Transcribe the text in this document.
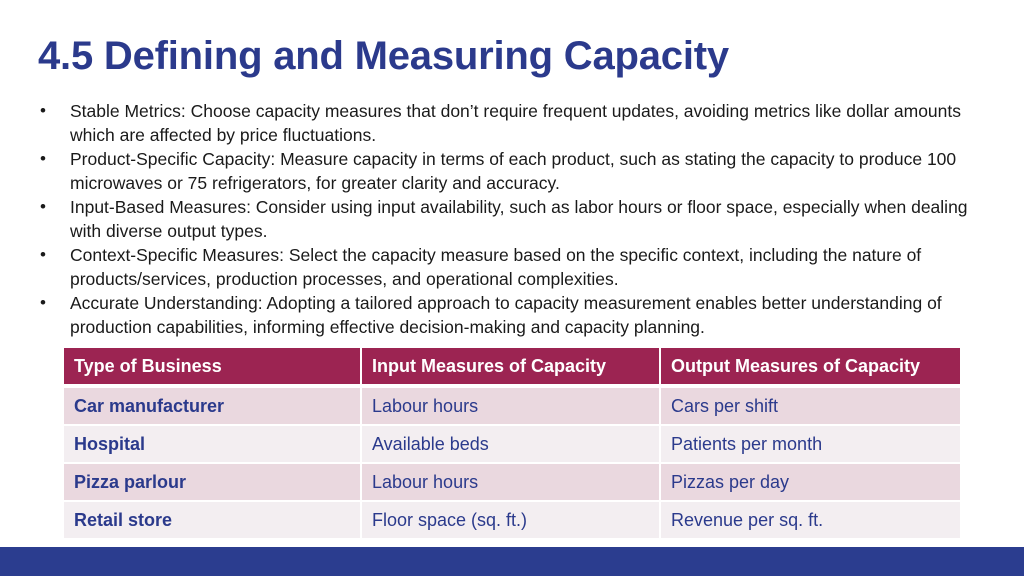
4.5 Defining and Measuring Capacity
•	Stable Metrics: Choose capacity measures that don’t require frequent updates, avoiding metrics like dollar amounts which are affected by price fluctuations.
•	Product-Specific Capacity: Measure capacity in terms of each product, such as stating the capacity to produce 100 microwaves or 75 refrigerators, for greater clarity and accuracy.
•	Input-Based Measures: Consider using input availability, such as labor hours or floor space, especially when dealing with diverse output types.
•	Context-Specific Measures: Select the capacity measure based on the specific context, including the nature of products/services, production processes, and operational complexities.
•	Accurate Understanding: Adopting a tailored approach to capacity measurement enables better understanding of production capabilities, informing effective decision-making and capacity planning.
Type of Business	Input Measures of Capacity	Output Measures of Capacity
Car manufacturer	Labour hours	Cars per shift
Hospital	Available beds	Patients per month
Pizza parlour	Labour hours	Pizzas per day
Retail store	Floor space (sq. ft.)	Revenue per sq. ft.
